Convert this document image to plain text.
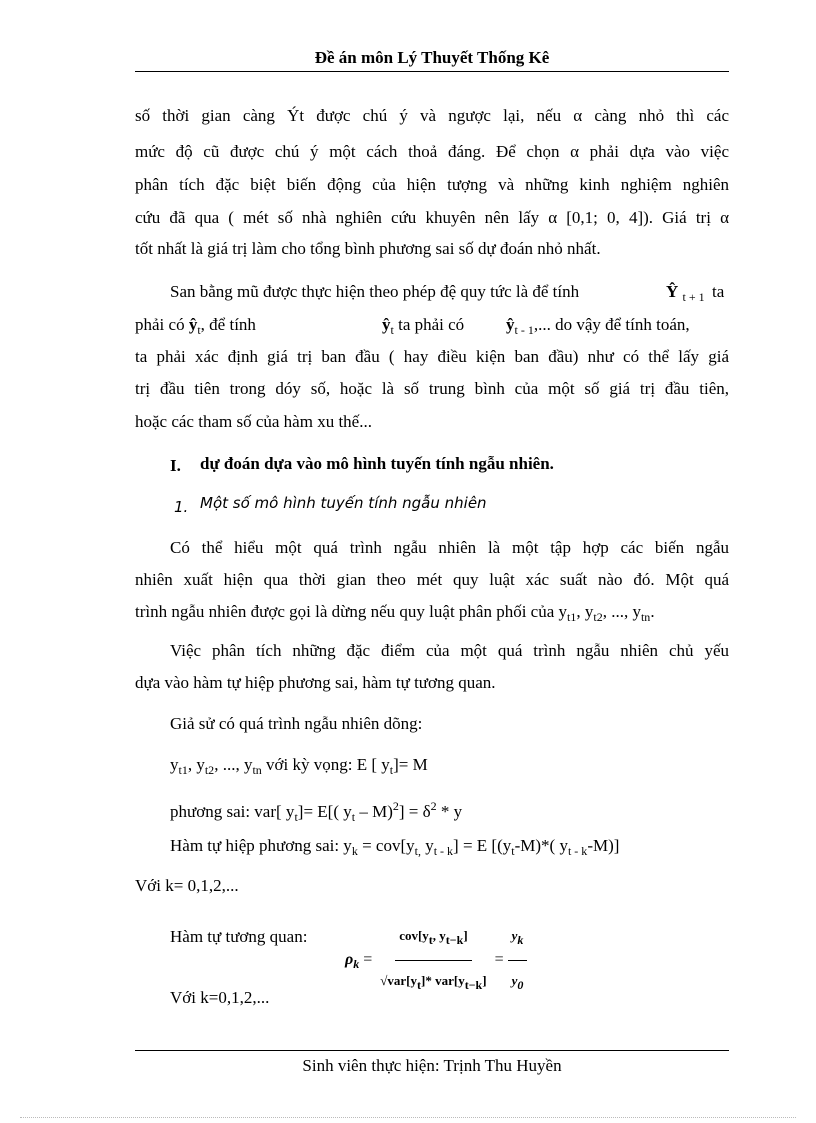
Đề án môn Lý Thuyết Thống Kê
số thời gian càng Ýt được chú ý và ngược lại, nếu α càng nhỏ thì các
mức độ cũ được chú ý một cách thoả đáng. Để chọn α phải dựa vào việc
phân tích đặc biệt biến động của hiện tượng và những kinh nghiệm nghiên
cứu đã qua ( mét số nhà nghiên cứu khuyên nên lấy α [0,1; 0, 4]). Giá trị α
tốt nhất là giá trị làm cho tổng bình phương sai số dự đoán nhỏ nhất.
San bằng mũ được thực hiện theo phép đệ quy tức là để tính	Ŷ $_{t + 1}$ ta
phải có $ŷ_t$, để tính	$ŷ_t$ ta phải có $ŷ_{t - 1}$,... do vậy để tính toán,
ta phải xác định giá trị ban đầu ( hay điều kiện ban đầu) như có thể lấy giá
trị đầu tiên trong dóy số, hoặc là số trung bình của một số giá trị đầu tiên,
hoặc các tham số của hàm xu thế...
I. dự đoán dựa vào mô hình tuyến tính ngẫu nhiên.
1. Một số mô hình tuyến tính ngẫu nhiên
Có thể hiểu một quá trình ngẫu nhiên là một tập hợp các biến ngẫu
nhiên xuất hiện qua thời gian theo mét quy luật xác suất nào đó. Một quá
trình ngẫu nhiên được gọi là dừng nếu quy luật phân phối của $y_{t1}$, $y_{t2}$, ..., $y_{tn}$.
Việc phân tích những đặc điểm của một quá trình ngẫu nhiên chủ yếu
dựa vào hàm tự hiệp phương sai, hàm tự tương quan.
Giả sử có quá trình ngẫu nhiên dõng:
$y_{t1}$, $y_{t2}$, ..., $y_{tn}$ với kỳ vọng: E [ $y_t]= M$
phương sai: var[ $y_t]= E$[( $y_t - M)^2] = \delta^2 * y$
Hàm tự hiệp phương sai: $y_k = cov[y_{t,}$ $y_{t - k}] = E$ [$(y_t-M)*$( $y_{t - k}-M$)]
Với k= 0,1,2,...
Hàm tự tương quan:
$\rho_k = \frac{\text{cov[yt, yt−k]}}{\text{√var[yt]* var[yt−k]}} = \frac{yk}{y0}$
Với k=0,1,2,...
Sinh viên thực hiện: Trịnh Thu Huyền
